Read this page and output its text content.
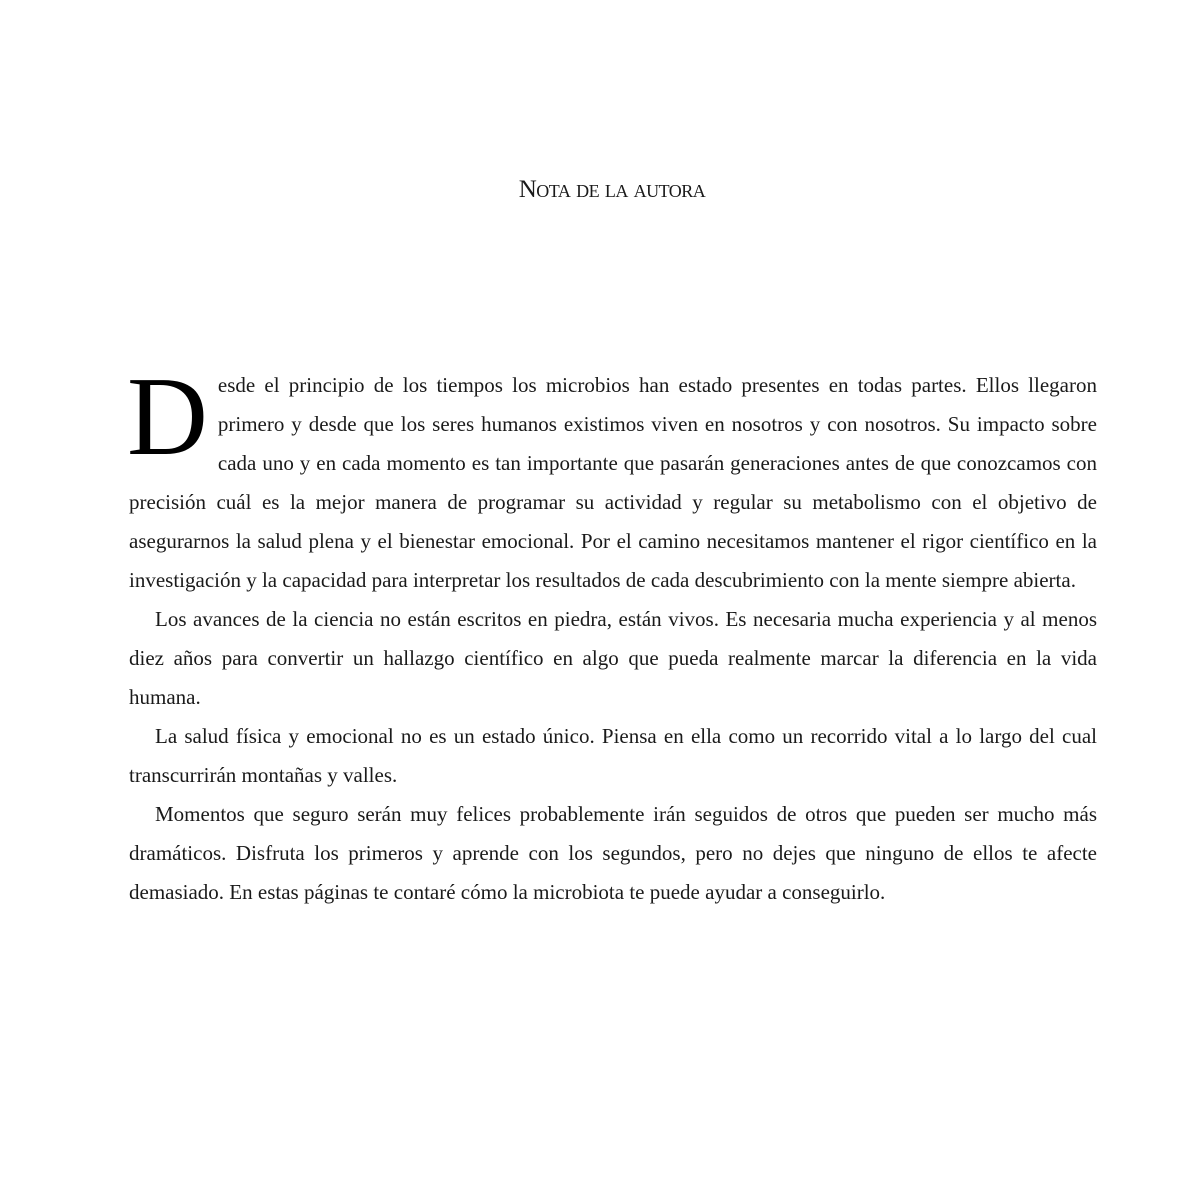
Nota de la autora

Desde el principio de los tiempos los microbios han estado presentes en todas partes. Ellos llegaron primero y desde que los seres humanos existimos viven en nosotros y con nosotros. Su impacto sobre cada uno y en cada momento es tan importante que pasarán generaciones antes de que conozcamos con precisión cuál es la mejor manera de programar su actividad y regular su metabolismo con el objetivo de asegurarnos la salud plena y el bienestar emocional. Por el camino necesitamos mantener el rigor científico en la investigación y la capacidad para interpretar los resultados de cada descubrimiento con la mente siempre abierta.

Los avances de la ciencia no están escritos en piedra, están vivos. Es necesaria mucha experiencia y al menos diez años para convertir un hallazgo científico en algo que pueda realmente marcar la diferencia en la vida humana.

La salud física y emocional no es un estado único. Piensa en ella como un recorrido vital a lo largo del cual transcurrirán montañas y valles.

Momentos que seguro serán muy felices probablemente irán seguidos de otros que pueden ser mucho más dramáticos. Disfruta los primeros y aprende con los segundos, pero no dejes que ninguno de ellos te afecte demasiado. En estas páginas te contaré cómo la microbiota te puede ayudar a conseguirlo.
